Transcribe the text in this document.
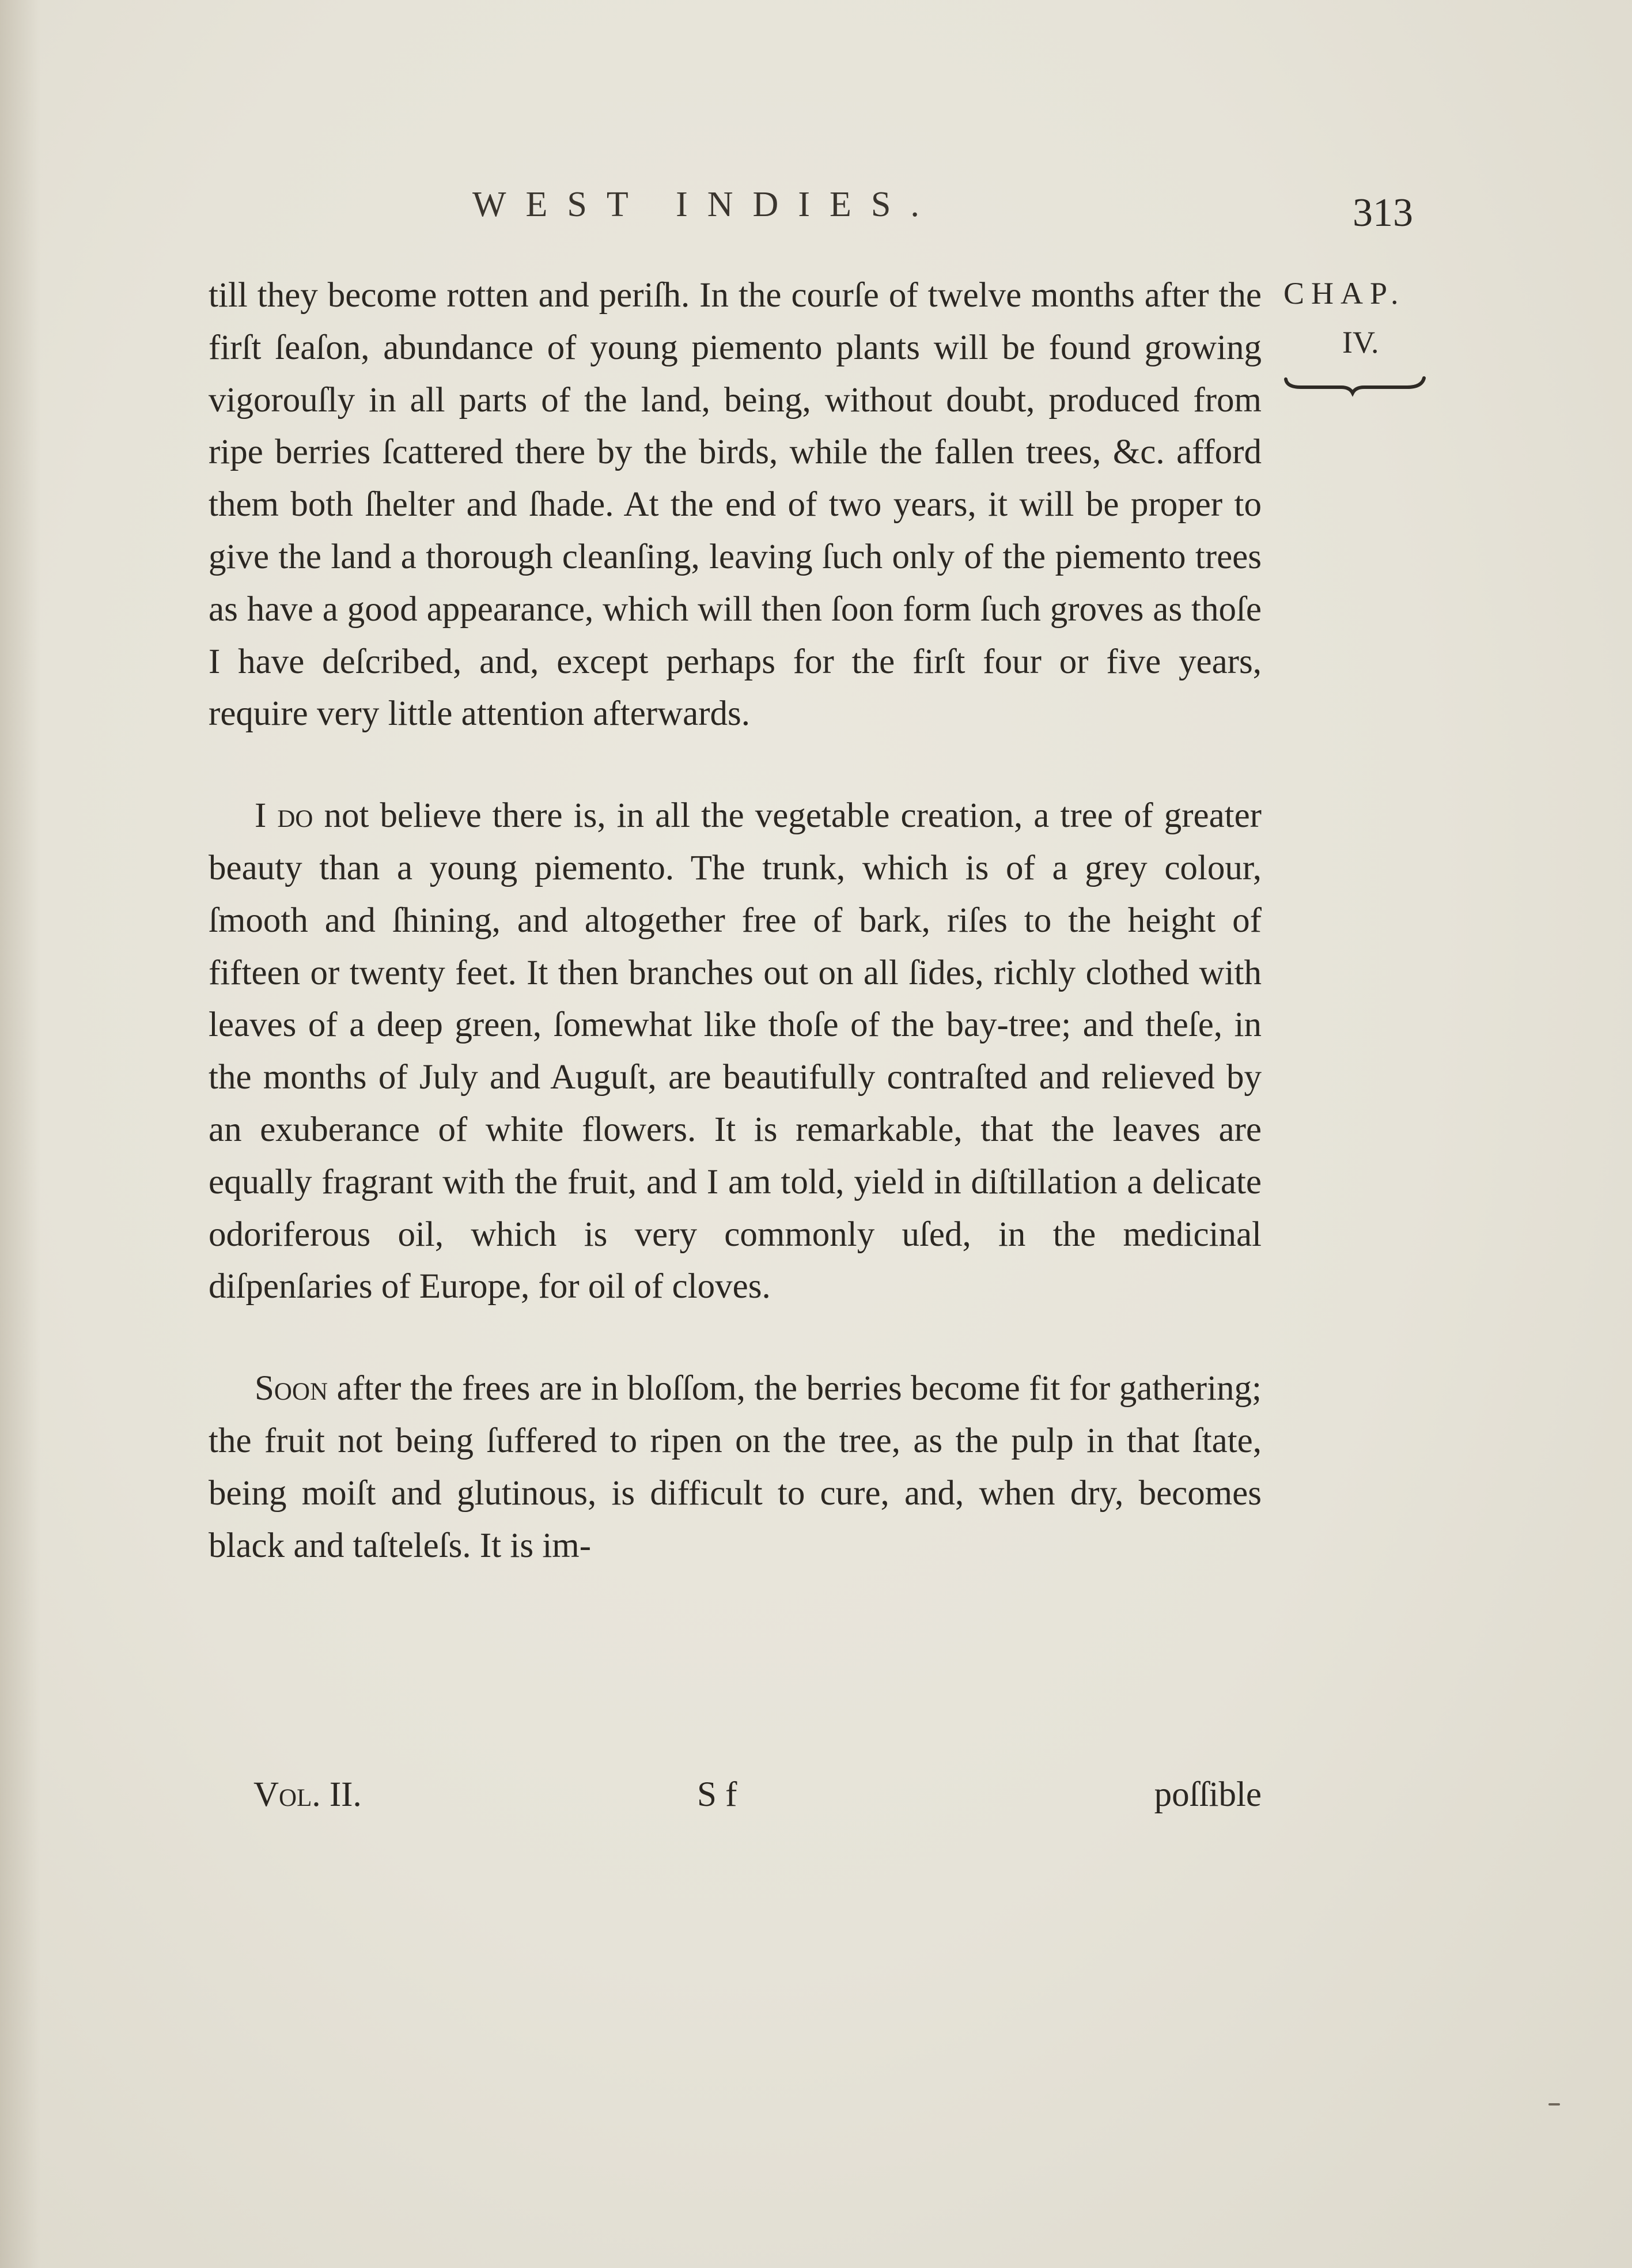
WEST INDIES.	313
CHAP.
IV.

till they become rotten and periſh. In the courſe of twelve months after the firſt ſeaſon, abundance of young piemento plants will be found growing vigorouſly in all parts of the land, being, without doubt, produced from ripe berries ſcattered there by the birds, while the fallen trees, &c. afford them both ſhelter and ſhade. At the end of two years, it will be proper to give the land a thorough cleanſing, leaving ſuch only of the piemento trees as have a good appearance, which will then ſoon form ſuch groves as thoſe I have deſcribed, and, except perhaps for the firſt four or five years, require very little attention afterwards.

I do not believe there is, in all the vegetable creation, a tree of greater beauty than a young piemento. The trunk, which is of a grey colour, ſmooth and ſhining, and altogether free of bark, riſes to the height of fifteen or twenty feet. It then branches out on all ſides, richly clothed with leaves of a deep green, ſomewhat like thoſe of the bay-tree; and theſe, in the months of July and Auguſt, are beautifully contraſted and relieved by an exuberance of white flowers. It is remarkable, that the leaves are equally fragrant with the fruit, and I am told, yield in diſtillation a delicate odoriferous oil, which is very commonly uſed, in the medicinal diſpenſaries of Europe, for oil of cloves.

Soon after the frees are in bloſſom, the berries become fit for gathering; the fruit not being ſuffered to ripen on the tree, as the pulp in that ſtate, being moiſt and glutinous, is difficult to cure, and, when dry, becomes black and taſteleſs. It is im-

Vol. II.	S f	poſſible
